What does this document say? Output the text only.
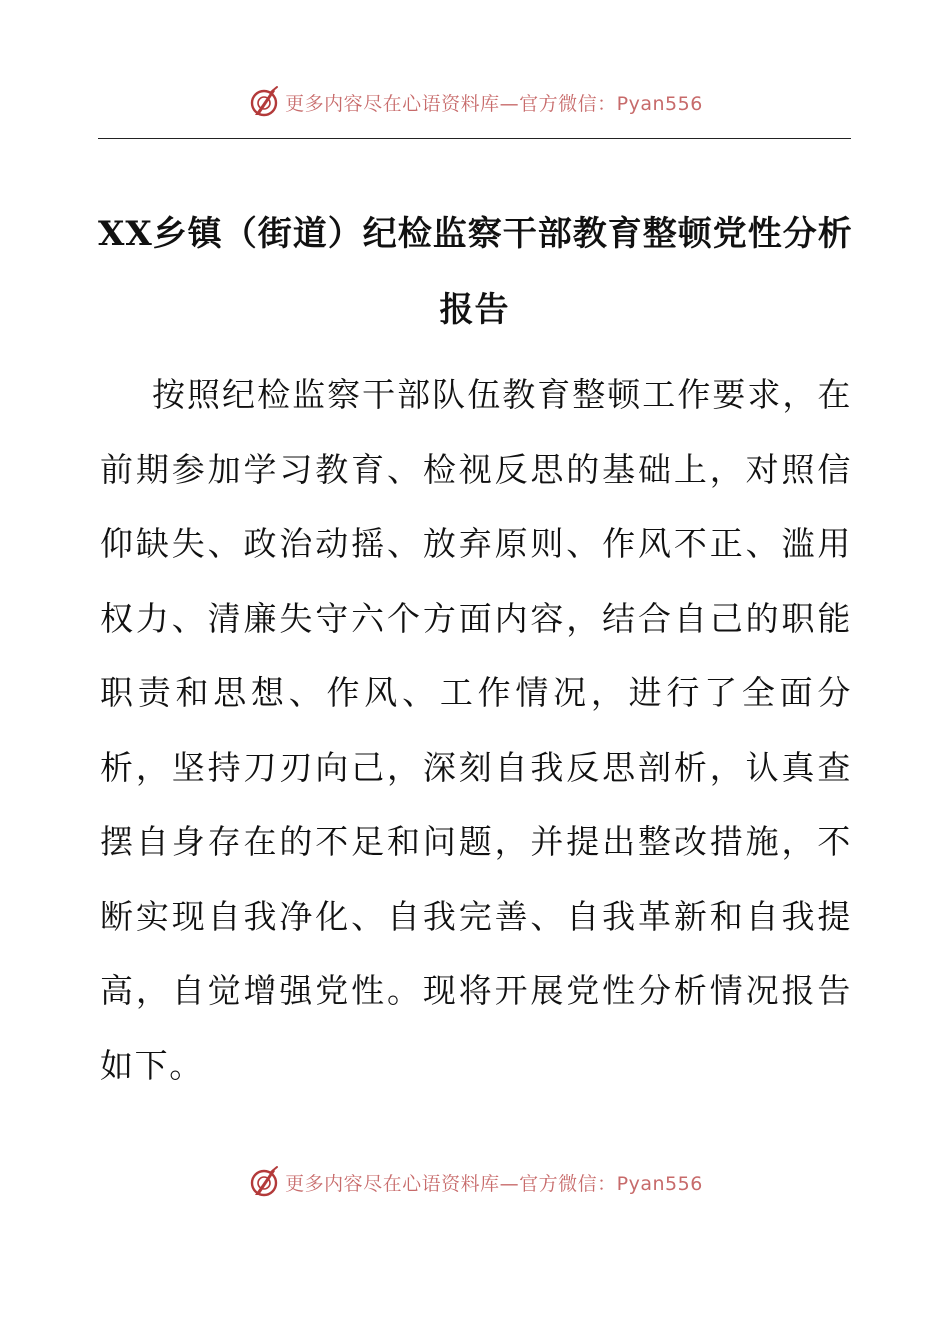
更多内容尽在心语资料库—官方微信：Pyan556
XX乡镇（街道）纪检监察干部教育整顿党性分析
报告

按照纪检监察干部队伍教育整顿工作要求，在前期参加学习教育、检视反思的基础上，对照信仰缺失、政治动摇、放弃原则、作风不正、滥用权力、清廉失守六个方面内容，结合自己的职能职责和思想、作风、工作情况，进行了全面分析，坚持刀刃向己，深刻自我反思剖析，认真查摆自身存在的不足和问题，并提出整改措施，不断实现自我净化、自我完善、自我革新和自我提高，自觉增强党性。现将开展党性分析情况报告如下。

更多内容尽在心语资料库—官方微信：Pyan556
